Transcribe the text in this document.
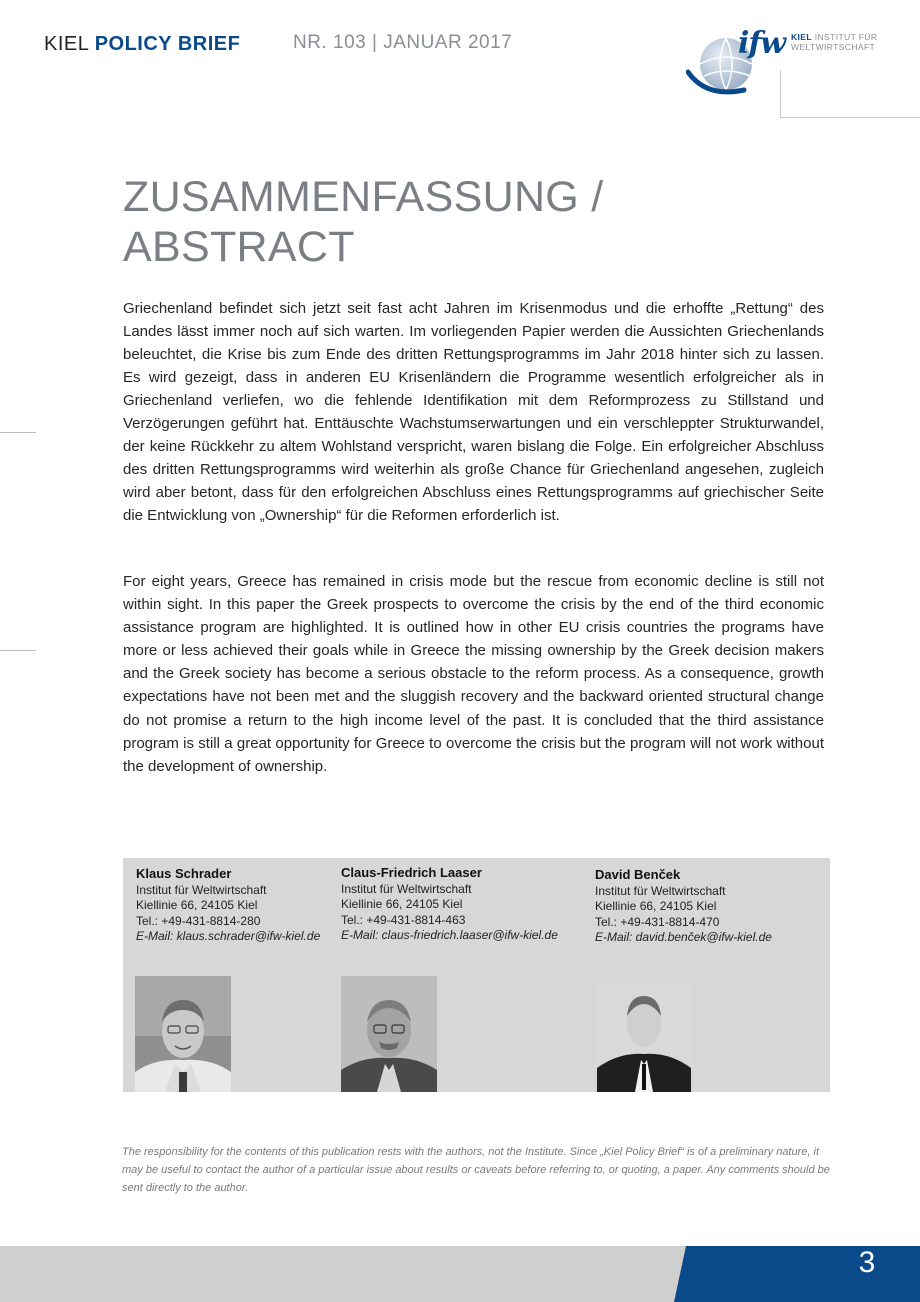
KIEL POLICY BRIEF	NR. 103 | JANUAR 2017	ifw KIEL INSTITUT FÜR
WELTWIRTSCHAFT
ZUSAMMENFASSUNG /
ABSTRACT

Griechenland befindet sich jetzt seit fast acht Jahren im Krisenmodus und die erhoffte „Rettung“ des Landes lässt immer noch auf sich warten. Im vorliegenden Papier werden die Aussichten Griechenlands beleuchtet, die Krise bis zum Ende des dritten Rettungsprogramms im Jahr 2018 hinter sich zu lassen. Es wird gezeigt, dass in anderen EU Krisenländern die Programme wesentlich erfolgreicher als in Griechenland verliefen, wo die fehlende Identifikation mit dem Reformprozess zu Stillstand und Verzögerungen geführt hat. Enttäuschte Wachstumserwartungen und ein verschleppter Strukturwandel, der keine Rückkehr zu altem Wohlstand verspricht, waren bislang die Folge. Ein erfolgreicher Abschluss des dritten Rettungsprogramms wird weiterhin als große Chance für Griechenland angesehen, zugleich wird aber betont, dass für den erfolgreichen Abschluss eines Rettungsprogramms auf griechischer Seite die Entwicklung von „Ownership“ für die Reformen erforderlich ist.

For eight years, Greece has remained in crisis mode but the rescue from economic decline is still not within sight. In this paper the Greek prospects to overcome the crisis by the end of the third economic assistance program are highlighted. It is outlined how in other EU crisis countries the programs have more or less achieved their goals while in Greece the missing ownership by the Greek decision makers and the Greek society has become a serious obstacle to the reform process. As a consequence, growth expectations have not been met and the sluggish recovery and the backward oriented structural change do not promise a return to the high income level of the past. It is concluded that the third assistance program is still a great opportunity for Greece to overcome the crisis but the program will not work without the development of ownership.

Klaus Schrader
Institut für Weltwirtschaft
Kiellinie 66, 24105 Kiel
Tel.: +49-431-8814-280
E-Mail: klaus.schrader@ifw-kiel.de
Claus-Friedrich Laaser
Institut für Weltwirtschaft
Kiellinie 66, 24105 Kiel
Tel.: +49-431-8814-463
E-Mail: claus-friedrich.laaser@ifw-kiel.de
David Benček
Institut für Weltwirtschaft
Kiellinie 66, 24105 Kiel
Tel.: +49-431-8814-470
E-Mail: david.benček@ifw-kiel.de

The responsibility for the contents of this publication rests with the authors, not the Institute. Since „Kiel Policy Brief“ is of a preliminary nature, it may be useful to contact the author of a particular issue about results or caveats before referring to, or quoting, a paper. Any comments should be sent directly to the author.

3
